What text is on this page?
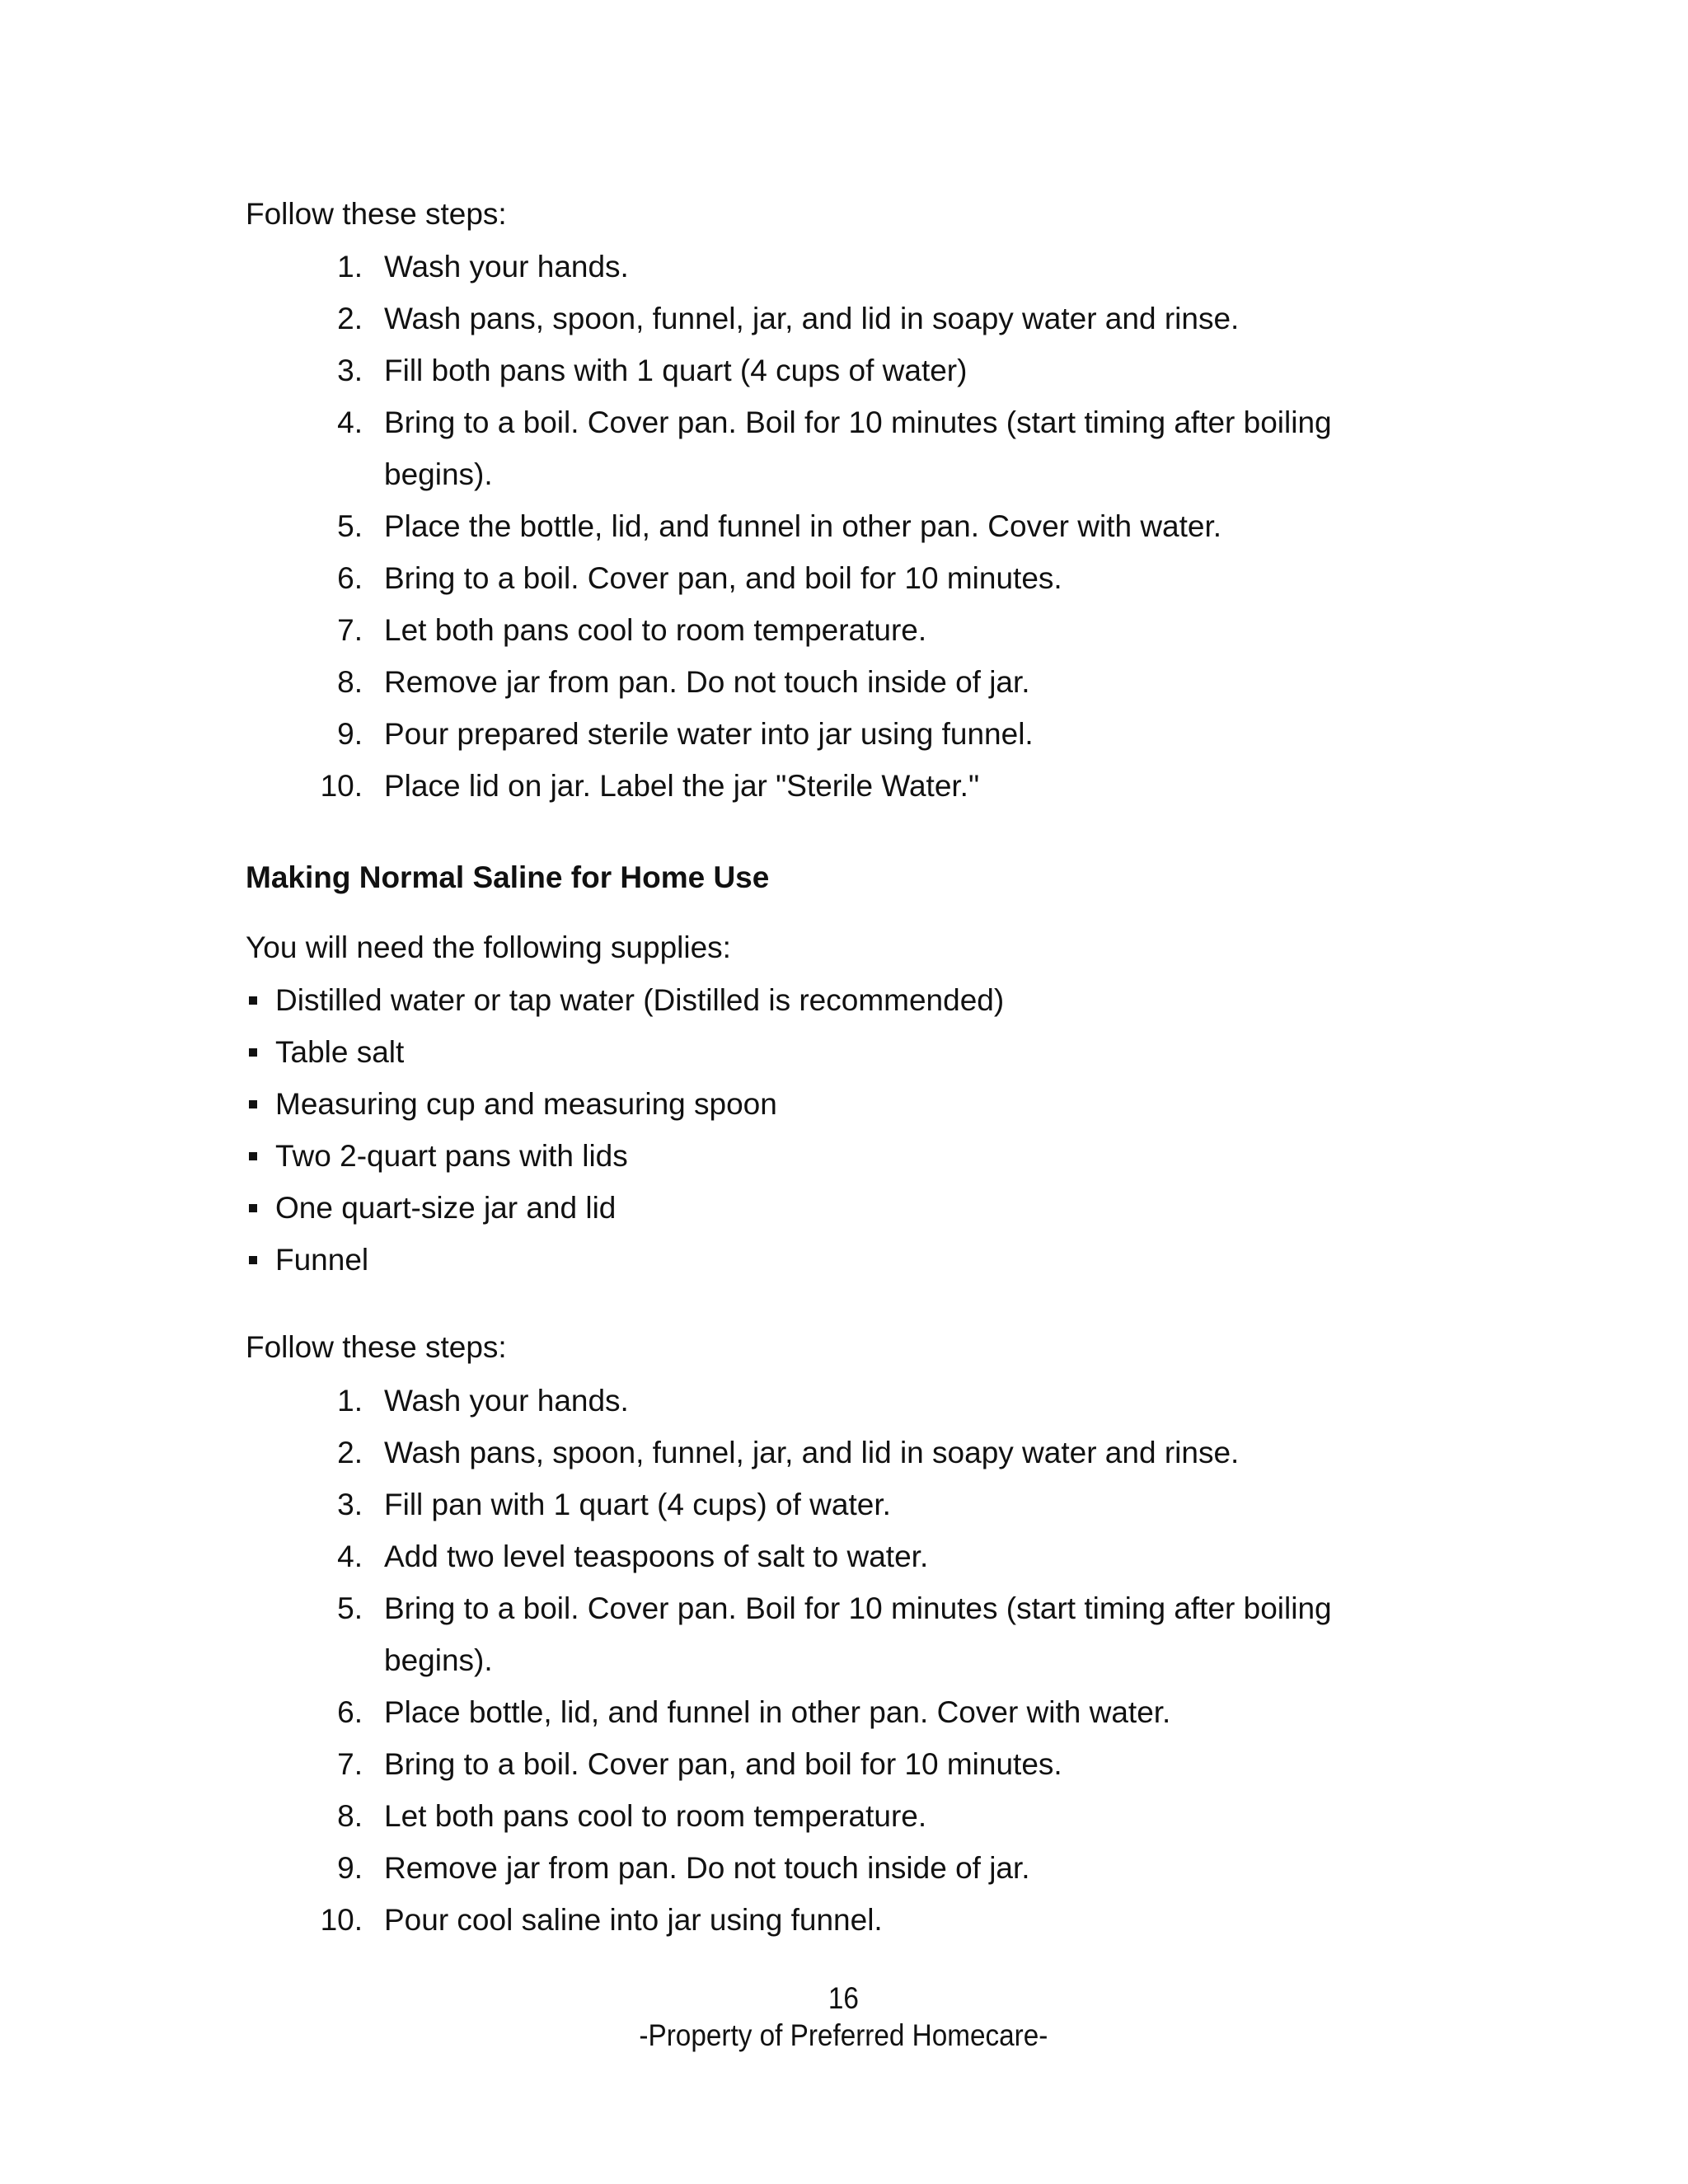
Follow these steps:
1. Wash your hands.
2. Wash pans, spoon, funnel, jar, and lid in soapy water and rinse.
3. Fill both pans with 1 quart (4 cups of water)
4. Bring to a boil. Cover pan. Boil for 10 minutes (start timing after boiling
begins).
5. Place the bottle, lid, and funnel in other pan. Cover with water.
6. Bring to a boil. Cover pan, and boil for 10 minutes.
7. Let both pans cool to room temperature.
8. Remove jar from pan. Do not touch inside of jar.
9. Pour prepared sterile water into jar using funnel.
10. Place lid on jar. Label the jar "Sterile Water."
Making Normal Saline for Home Use
You will need the following supplies:
Distilled water or tap water (Distilled is recommended)
Table salt
Measuring cup and measuring spoon
Two 2-quart pans with lids
One quart-size jar and lid
Funnel
Follow these steps:
1. Wash your hands.
2. Wash pans, spoon, funnel, jar, and lid in soapy water and rinse.
3. Fill pan with 1 quart (4 cups) of water.
4. Add two level teaspoons of salt to water.
5. Bring to a boil. Cover pan. Boil for 10 minutes (start timing after boiling
begins).
6. Place bottle, lid, and funnel in other pan. Cover with water.
7. Bring to a boil. Cover pan, and boil for 10 minutes.
8. Let both pans cool to room temperature.
9. Remove jar from pan. Do not touch inside of jar.
10. Pour cool saline into jar using funnel.
16
-Property of Preferred Homecare-
